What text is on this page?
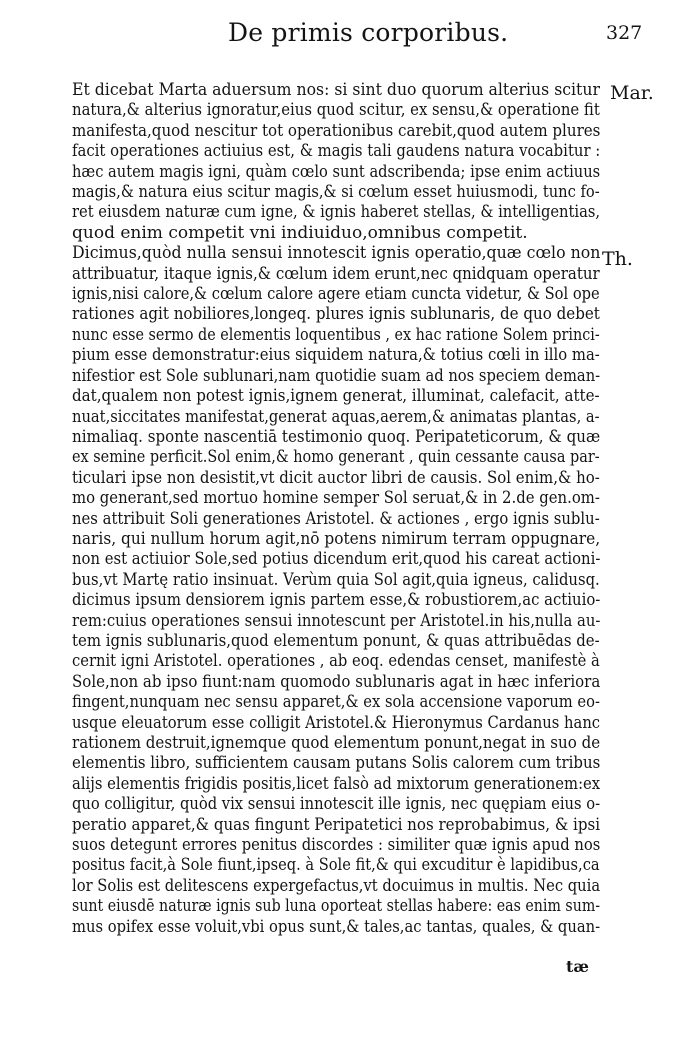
De primis corporibus.	327
Mar.
Th.
Et dicebat Marta aduersum nos: si sint duo quorum alterius scitur
natura,& alterius ignoratur,eius quod scitur, ex sensu,& operatione fit
manifesta,quod nescitur tot operationibus carebit,quod autem plures
facit operationes actiuius est, & magis tali gaudens natura vocabitur :
hæc autem magis igni, quàm cœlo sunt adscribenda; ipse enim actiuus
magis,& natura eius scitur magis,& si cœlum esset huiusmodi, tunc fo-
ret eiusdem naturæ cum igne, & ignis haberet stellas, & intelligentias,
quod enim competit vni indiuiduo,omnibus competit.
Dicimus,quòd nulla sensui innotescit ignis operatio,quæ cœlo non
attribuatur, itaque ignis,& cœlum idem erunt,nec qnidquam operatur
ignis,nisi calore,& cœlum calore agere etiam cuncta videtur, & Sol ope
rationes agit nobiliores,longeq. plures ignis sublunaris, de quo debet
nunc esse sermo de elementis loquentibus , ex hac ratione Solem princi-
pium esse demonstratur:eius siquidem natura,& totius cœli in illo ma-
nifestior est Sole sublunari,nam quotidie suam ad nos speciem deman-
dat,qualem non potest ignis,ignem generat, illuminat, calefacit, atte-
nuat,siccitates manifestat,generat aquas,aerem,& animatas plantas, a-
nimaliaq. sponte nascentiā testimonio quoq. Peripateticorum, & quæ
ex semine perficit.Sol enim,& homo generant , quin cessante causa par-
ticulari ipse non desistit,vt dicit auctor libri de causis. Sol enim,& ho-
mo generant,sed mortuo homine semper Sol seruat,& in 2.de gen.om-
nes attribuit Soli generationes Aristotel. & actiones , ergo ignis sublu-
naris, qui nullum horum agit,nō potens nimirum terram oppugnare,
non est actiuior Sole,sed potius dicendum erit,quod his careat actioni-
bus,vt Martę ratio insinuat. Verùm quia Sol agit,quia igneus, calidusq.
dicimus ipsum densiorem ignis partem esse,& robustiorem,ac actiuio-
rem:cuius operationes sensui innotescunt per Aristotel.in his,nulla au-
tem ignis sublunaris,quod elementum ponunt, & quas attribuēdas de-
cernit igni Aristotel. operationes , ab eoq. edendas censet, manifestè à
Sole,non ab ipso fiunt:nam quomodo sublunaris agat in hæc inferiora
fingent,nunquam nec sensu apparet,& ex sola accensione vaporum eo-
usque eleuatorum esse colligit Aristotel.& Hieronymus Cardanus hanc
rationem destruit,ignemque quod elementum ponunt,negat in suo de
elementis libro, sufficientem causam putans Solis calorem cum tribus
alijs elementis frigidis positis,licet falsò ad mixtorum generationem:ex
quo colligitur, quòd vix sensui innotescit ille ignis, nec quępiam eius o-
peratio apparet,& quas fingunt Peripatetici nos reprobabimus, & ipsi
suos detegunt errores penitus discordes : similiter quæ ignis apud nos
positus facit,à Sole fiunt,ipseq. à Sole fit,& qui excuditur è lapidibus,ca
lor Solis est delitescens expergefactus,vt docuimus in multis. Nec quia
sunt eiusdē naturæ ignis sub luna oporteat stellas habere: eas enim sum-
mus opifex esse voluit,vbi opus sunt,& tales,ac tantas, quales, & quan-
tæ
